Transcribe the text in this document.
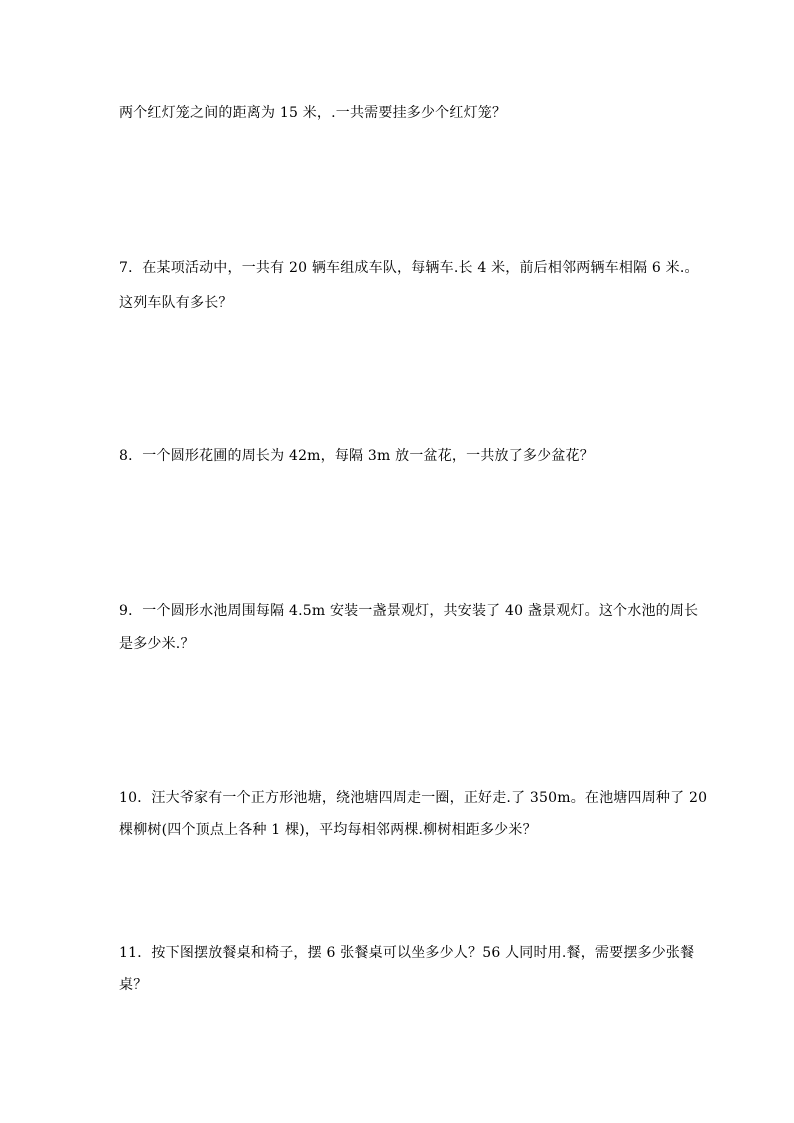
两个红灯笼之间的距离为 15 米，.一共需要挂多少个红灯笼？
7．在某项活动中，一共有 20 辆车组成车队，每辆车.长 4 米，前后相邻两辆车相隔 6 米.。
这列车队有多长？
8．一个圆形花圃的周长为 42m，每隔 3m 放一盆花，一共放了多少盆花？
9．一个圆形水池周围每隔 4.5m 安装一盏景观灯，共安装了 40 盏景观灯。这个水池的周长
是多少米.？
10．汪大爷家有一个正方形池塘，绕池塘四周走一圈，正好走.了 350m。在池塘四周种了 20
棵柳树(四个顶点上各种 1 棵)，平均每相邻两棵.柳树相距多少米？
11．按下图摆放餐桌和椅子，摆 6 张餐桌可以坐多少人？56 人同时用.餐，需要摆多少张餐
桌？
